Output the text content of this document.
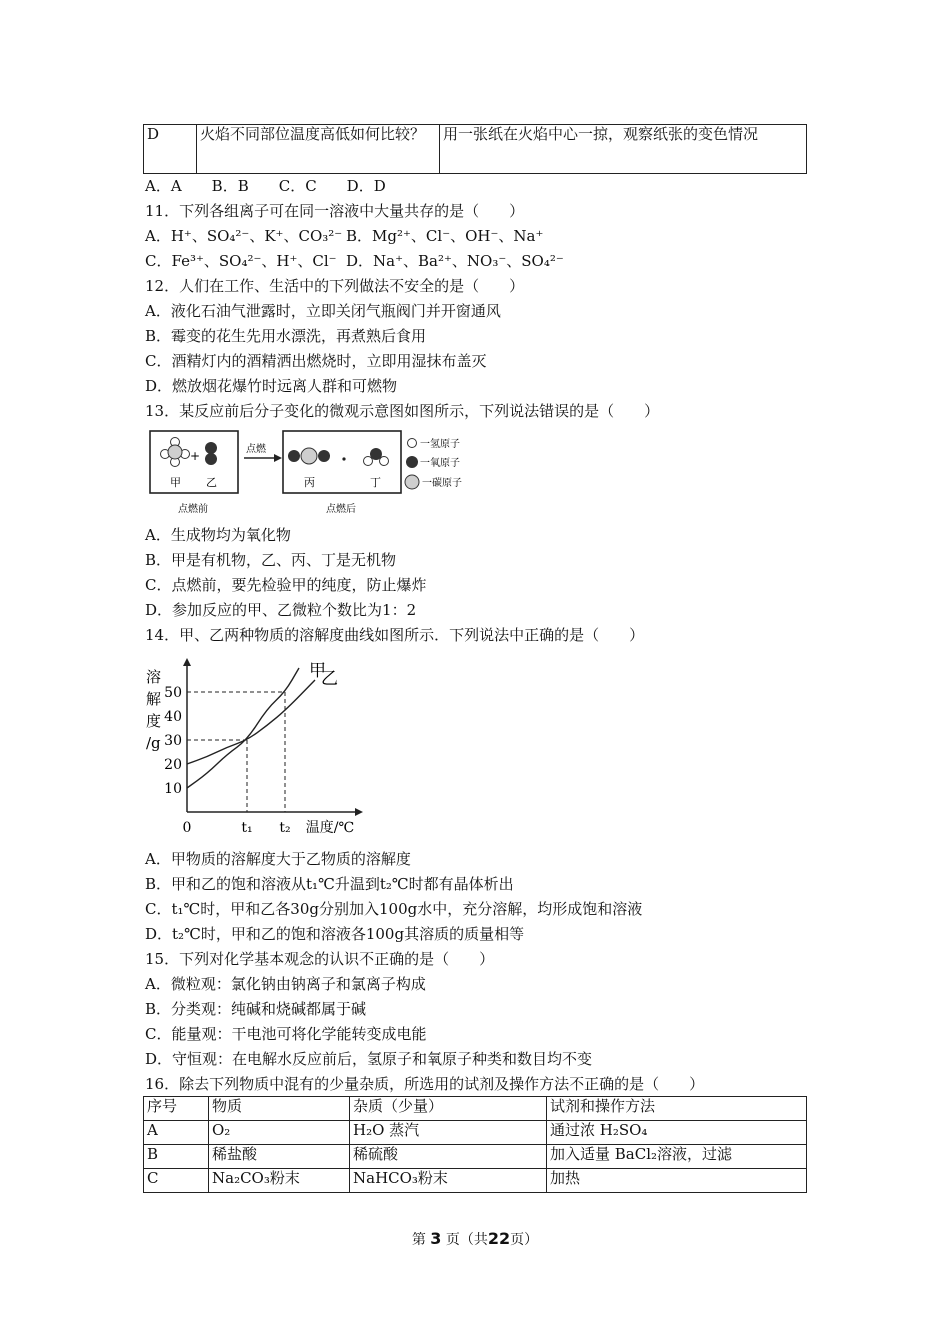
D	火焰不同部位温度高低如何比较？	用一张纸在火焰中心一掠，观察纸张的变色情况
A．A　　B．B　　C．C　　D．D
11．下列各组离子可在同一溶液中大量共存的是（　　）
A．H⁺、SO₄²⁻、K⁺、CO₃²⁻ B．Mg²⁺、Cl⁻、OH⁻、Na⁺
C．Fe³⁺、SO₄²⁻、H⁺、Cl⁻ D．Na⁺、Ba²⁺、NO₃⁻、SO₄²⁻
12．人们在工作、生活中的下列做法不安全的是（　　）
A．液化石油气泄露时，立即关闭气瓶阀门并开窗通风
B．霉变的花生先用水漂洗，再煮熟后食用
C．酒精灯内的酒精洒出燃烧时，立即用湿抹布盖灭
D．燃放烟花爆竹时远离人群和可燃物
13．某反应前后分子变化的微观示意图如图所示，下列说法错误的是（　　）
+
甲 乙
点燃前
点燃
丙	丁
点燃后
一氢原子
一氧原子
一碳原子
A．生成物均为氧化物
B．甲是有机物，乙、丙、丁是无机物
C．点燃前，要先检验甲的纯度，防止爆炸
D．参加反应的甲、乙微粒个数比为1：2
14．甲、乙两种物质的溶解度曲线如图所示．下列说法中正确的是（　　）
溶
解
度
/g
50
40
30
20
10
0	t₁ t₂ 温度/℃
甲
乙
A．甲物质的溶解度大于乙物质的溶解度
B．甲和乙的饱和溶液从t₁℃升温到t₂℃时都有晶体析出
C．t₁℃时，甲和乙各30g分别加入100g水中，充分溶解，均形成饱和溶液
D．t₂℃时，甲和乙的饱和溶液各100g其溶质的质量相等
15．下列对化学基本观念的认识不正确的是（　　）
A．微粒观：氯化钠由钠离子和氯离子构成
B．分类观：纯碱和烧碱都属于碱
C．能量观：干电池可将化学能转变成电能
D．守恒观：在电解水反应前后，氢原子和氧原子种类和数目均不变
16．除去下列物质中混有的少量杂质，所选用的试剂及操作方法不正确的是（　　）
序号	物质	杂质（少量）	试剂和操作方法
A	O₂	H₂O 蒸汽	通过浓 H₂SO₄
B	稀盐酸	稀硫酸	加入适量 BaCl₂溶液，过滤
C	Na₂CO₃粉末	NaHCO₃粉末	加热
第 3 页（共22页）
